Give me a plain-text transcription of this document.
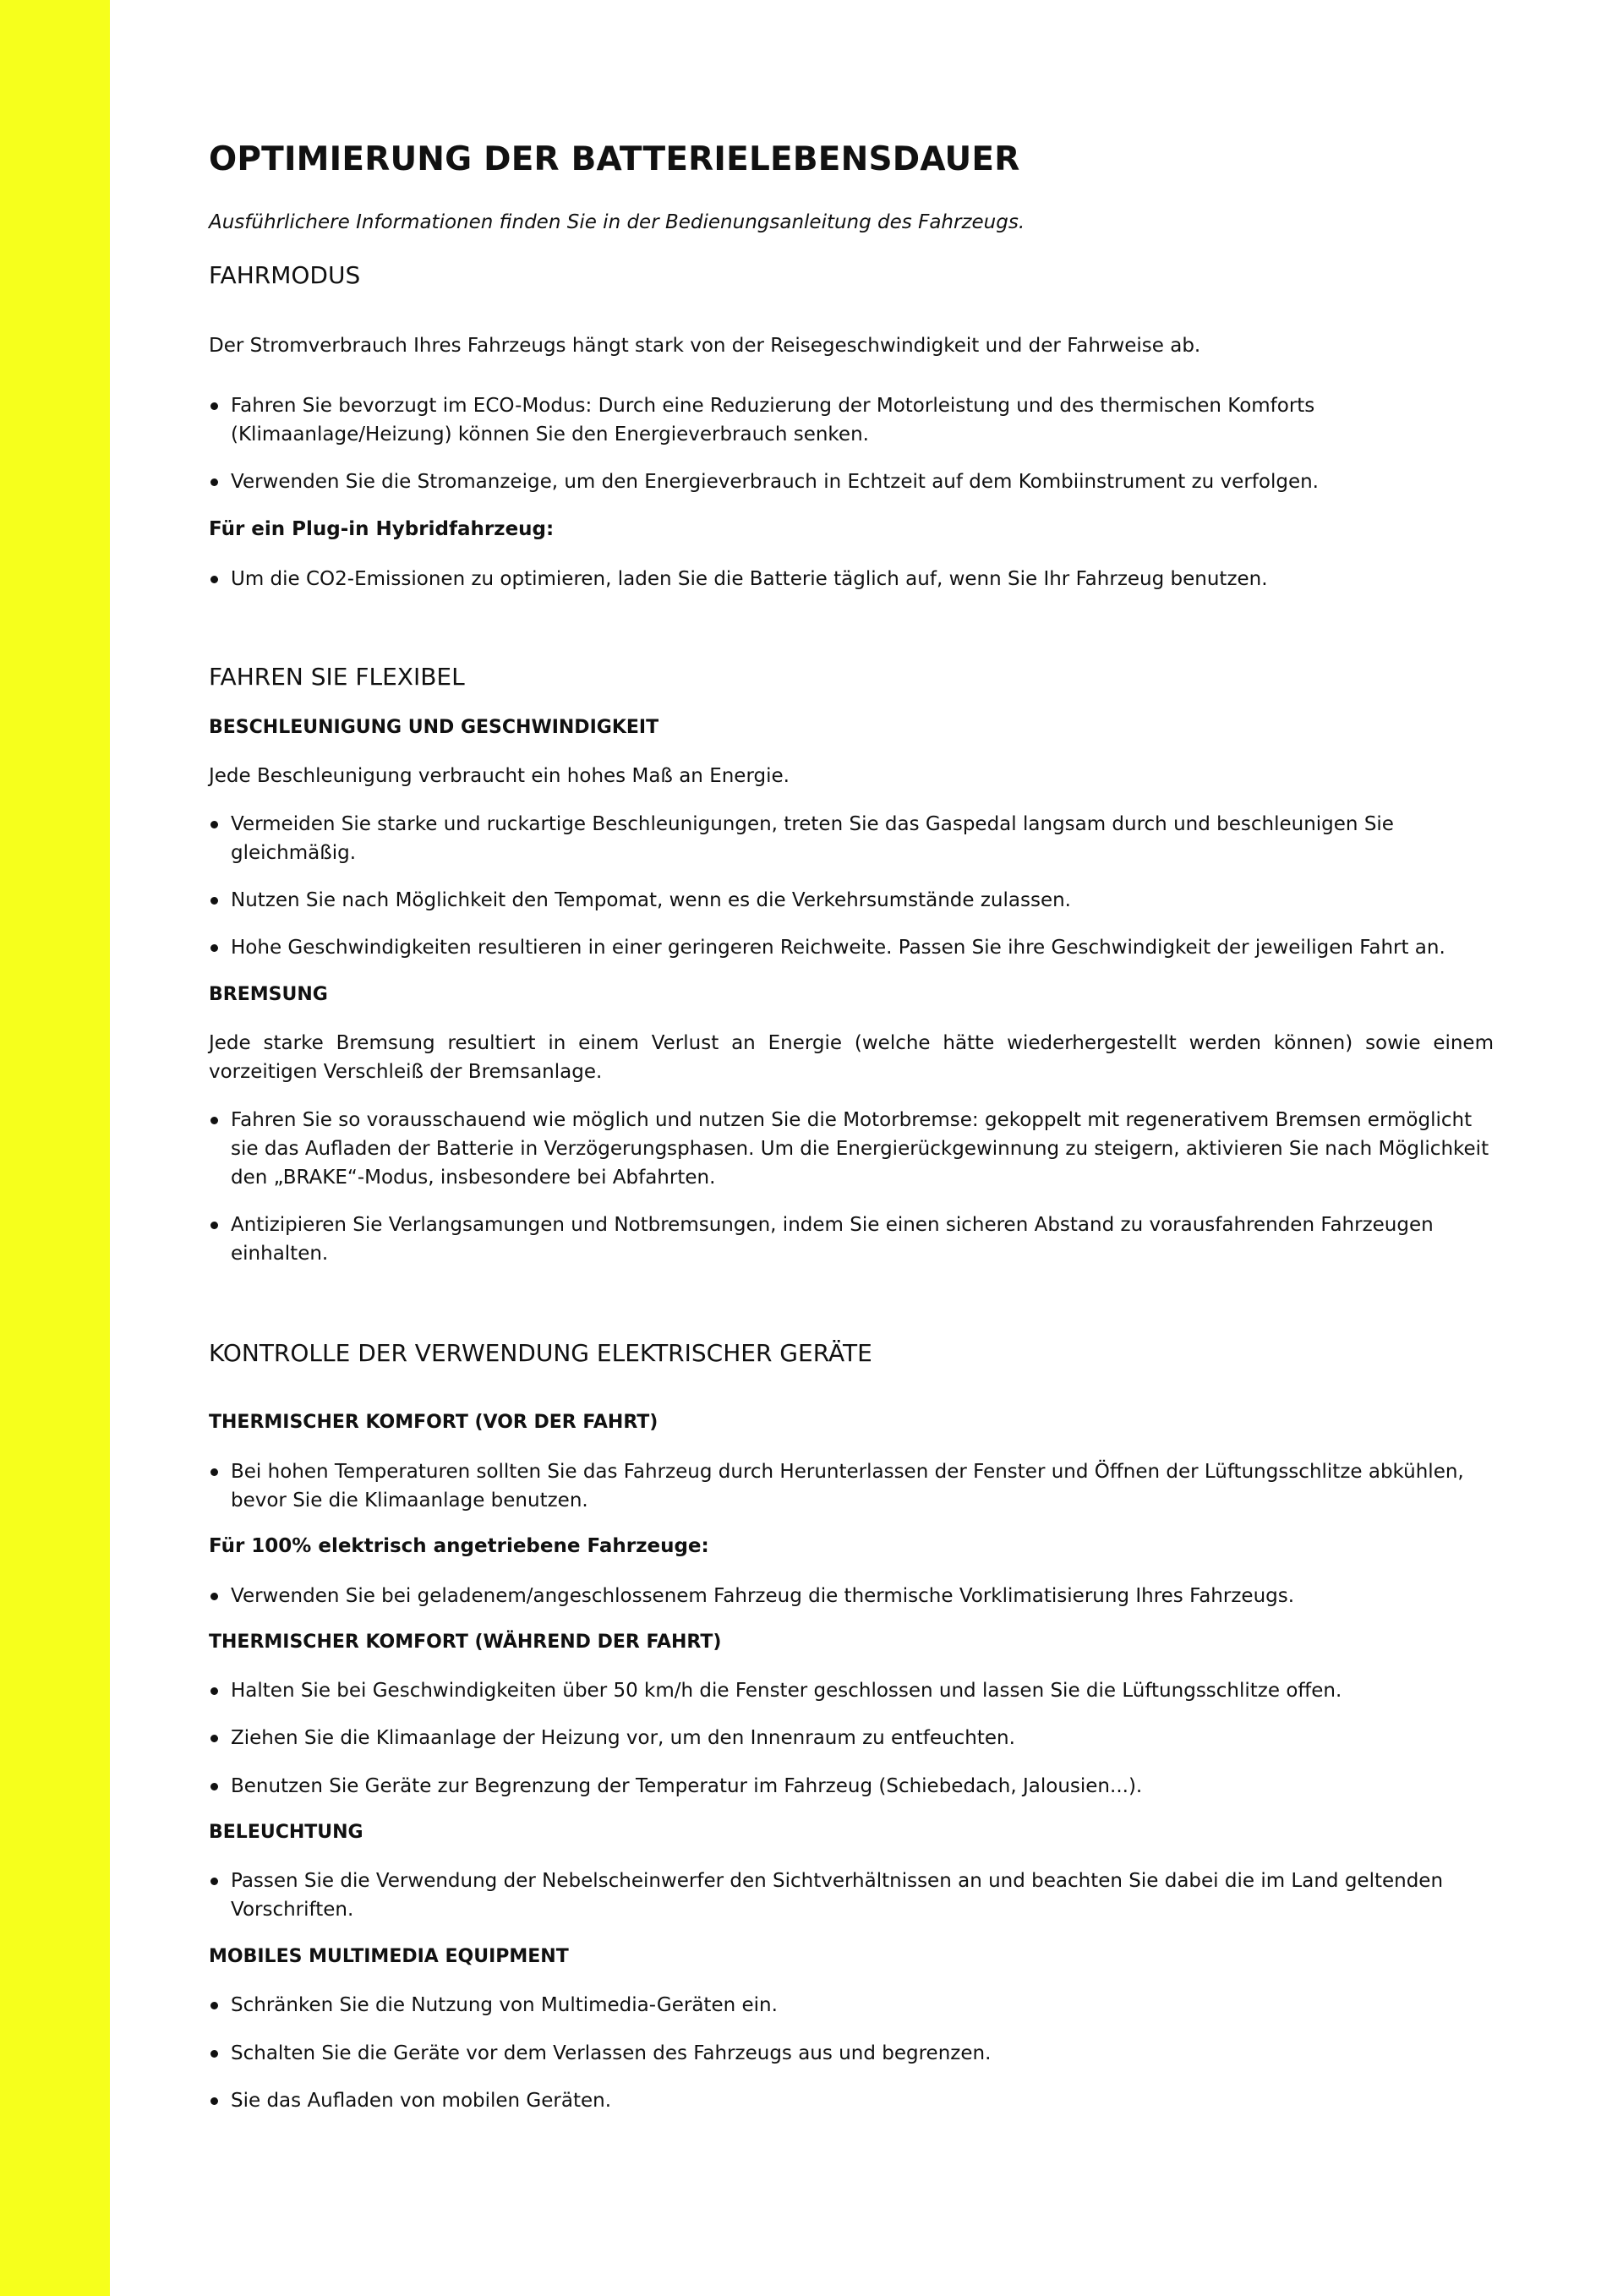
OPTIMIERUNG DER BATTERIELEBENSDAUER
Ausführlichere Informationen finden Sie in der Bedienungsanleitung des Fahrzeugs.
FAHRMODUS
Der Stromverbrauch Ihres Fahrzeugs hängt stark von der Reisegeschwindigkeit und der Fahrweise ab.
Fahren Sie bevorzugt im ECO-Modus: Durch eine Reduzierung der Motorleistung und des thermischen Komforts (Klimaanlage/Heizung) können Sie den Energieverbrauch senken.
Verwenden Sie die Stromanzeige, um den Energieverbrauch in Echtzeit auf dem Kombiinstrument zu verfolgen.
Für ein Plug-in Hybridfahrzeug:
Um die CO2-Emissionen zu optimieren, laden Sie die Batterie täglich auf, wenn Sie Ihr Fahrzeug benutzen.
FAHREN SIE FLEXIBEL
BESCHLEUNIGUNG UND GESCHWINDIGKEIT
Jede Beschleunigung verbraucht ein hohes Maß an Energie.
Vermeiden Sie starke und ruckartige Beschleunigungen, treten Sie das Gaspedal langsam durch und beschleunigen Sie gleichmäßig.
Nutzen Sie nach Möglichkeit den Tempomat, wenn es die Verkehrsumstände zulassen.
Hohe Geschwindigkeiten resultieren in einer geringeren Reichweite. Passen Sie ihre Geschwindigkeit der jeweiligen Fahrt an.
BREMSUNG
Jede starke Bremsung resultiert in einem Verlust an Energie (welche hätte wiederhergestellt werden können) sowie einem vorzeitigen Verschleiß der Bremsanlage.
Fahren Sie so vorausschauend wie möglich und nutzen Sie die Motorbremse: gekoppelt mit regenerativem Bremsen ermöglicht sie das Aufladen der Batterie in Verzögerungsphasen. Um die Energierückgewinnung zu steigern, aktivieren Sie nach Möglichkeit den „BRAKE“-Modus, insbesondere bei Abfahrten.
Antizipieren Sie Verlangsamungen und Notbremsungen, indem Sie einen sicheren Abstand zu vorausfahrenden Fahrzeugen einhalten.
KONTROLLE DER VERWENDUNG ELEKTRISCHER GERÄTE
THERMISCHER KOMFORT (VOR DER FAHRT)
Bei hohen Temperaturen sollten Sie das Fahrzeug durch Herunterlassen der Fenster und Öffnen der Lüftungsschlitze abkühlen, bevor Sie die Klimaanlage benutzen.
Für 100% elektrisch angetriebene Fahrzeuge:
Verwenden Sie bei geladenem/angeschlossenem Fahrzeug die thermische Vorklimatisierung Ihres Fahrzeugs.
THERMISCHER KOMFORT (WÄHREND DER FAHRT)
Halten Sie bei Geschwindigkeiten über 50 km/h die Fenster geschlossen und lassen Sie die Lüftungsschlitze offen.
Ziehen Sie die Klimaanlage der Heizung vor, um den Innenraum zu entfeuchten.
Benutzen Sie Geräte zur Begrenzung der Temperatur im Fahrzeug (Schiebedach, Jalousien...).
BELEUCHTUNG
Passen Sie die Verwendung der Nebelscheinwerfer den Sichtverhältnissen an und beachten Sie dabei die im Land geltenden Vorschriften.
MOBILES MULTIMEDIA EQUIPMENT
Schränken Sie die Nutzung von Multimedia-Geräten ein.
Schalten Sie die Geräte vor dem Verlassen des Fahrzeugs aus und begrenzen.
Sie das Aufladen von mobilen Geräten.
